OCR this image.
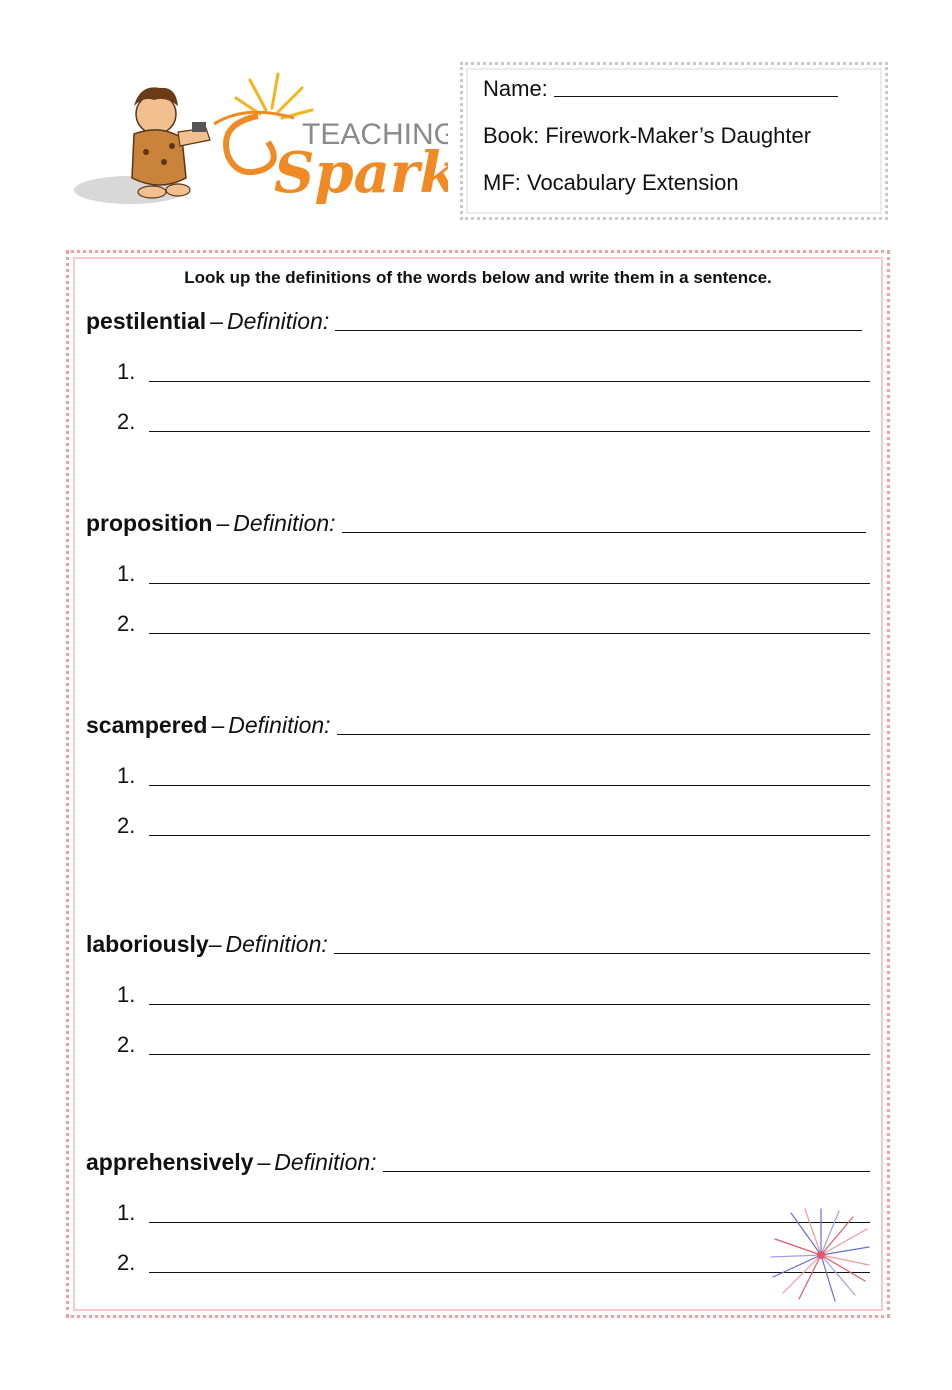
TEACHING
Spar
Name:
Book: Firework-Maker’s Daughter
MF: Vocabulary Extension
Look up the definitions of the words below and write them in a sentence.
pestilential – Definition:
1.
2.
proposition – Definition:
1.
2.
scampered – Definition:
1.
2.
laboriously – Definition:
1.
2.
apprehensively – Definition:
1.
2.
